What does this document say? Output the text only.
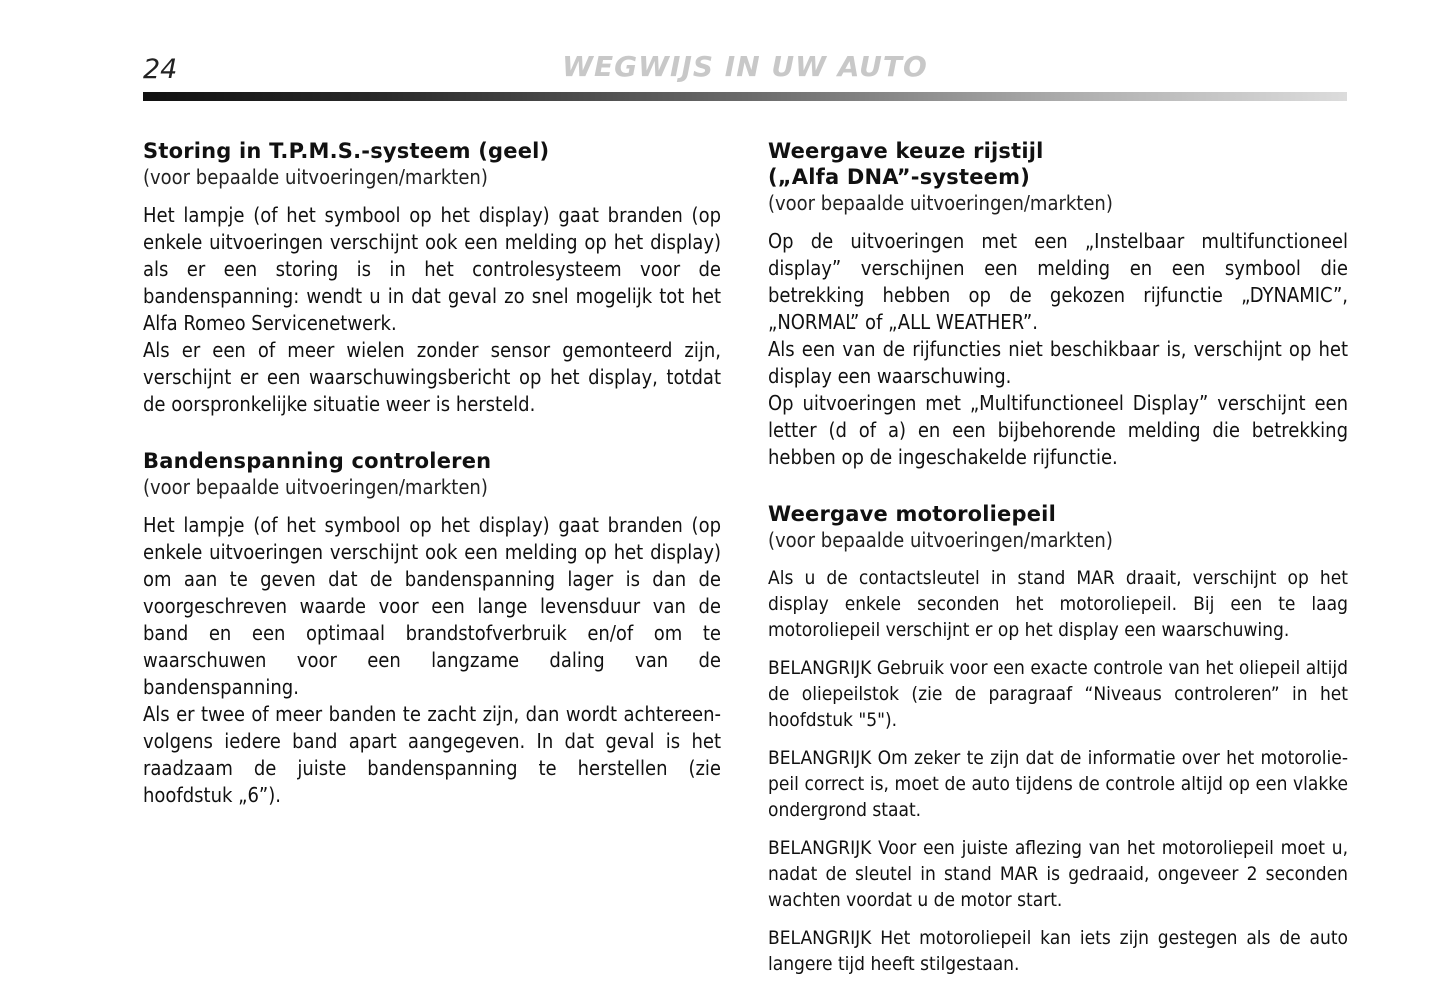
24	WEGWIJS IN UW AUTO
Storing in T.P.M.S.-systeem (geel)

(voor bepaalde uitvoeringen/markten)

Het lampje (of het symbool op het display) gaat branden (op enkele uitvoeringen verschijnt ook een melding op het display) als er een storing is in het controlesysteem voor de bandenspanning: wendt u in dat geval zo snel mogelijk tot het Alfa Romeo Servicenetwerk.

Als er een of meer wielen zonder sensor gemonteerd zijn, verschijnt er een waarschuwingsbericht op het display, totdat de oorspronkelijke situatie weer is hersteld.

Bandenspanning controleren

(voor bepaalde uitvoeringen/markten)

Het lampje (of het symbool op het display) gaat branden (op enkele uitvoeringen verschijnt ook een melding op het display) om aan te geven dat de bandenspanning lager is dan de voorgeschreven waarde voor een lange levensduur van de band en een optimaal brandstofverbruik en/of om te waarschuwen voor een langzame daling van de bandenspanning.

Als er twee of meer banden te zacht zijn, dan wordt achtereenvolgens iedere band apart aangegeven. In dat geval is het raadzaam de juiste bandenspanning te herstellen (zie hoofdstuk „6”).

Weergave keuze rijstijl
(„Alfa DNA”-systeem)

(voor bepaalde uitvoeringen/markten)

Op de uitvoeringen met een „Instelbaar multifunctioneel display” verschijnen een melding en een symbool die betrekking hebben op de gekozen rijfunctie „DYNAMIC”, „NORMAL” of „ALL WEATHER”.

Als een van de rijfuncties niet beschikbaar is, verschijnt op het display een waarschuwing.

Op uitvoeringen met „Multifunctioneel Display” verschijnt een letter (d of a) en een bijbehorende melding die betrekking hebben op de ingeschakelde rijfunctie.

Weergave motoroliepeil

(voor bepaalde uitvoeringen/markten)

Als u de contactsleutel in stand MAR draait, verschijnt op het display enkele seconden het motoroliepeil. Bij een te laag motoroliepeil verschijnt er op het display een waarschuwing.

BELANGRIJK Gebruik voor een exacte controle van het oliepeil altijd de oliepeilstok (zie de paragraaf “Niveaus controleren” in het hoofdstuk "5").

BELANGRIJK Om zeker te zijn dat de informatie over het motoroliepeil correct is, moet de auto tijdens de controle altijd op een vlakke ondergrond staat.

BELANGRIJK Voor een juiste aflezing van het motoroliepeil moet u, nadat de sleutel in stand MAR is gedraaid, ongeveer 2 seconden wachten voordat u de motor start.

BELANGRIJK Het motoroliepeil kan iets zijn gestegen als de auto langere tijd heeft stilgestaan.
